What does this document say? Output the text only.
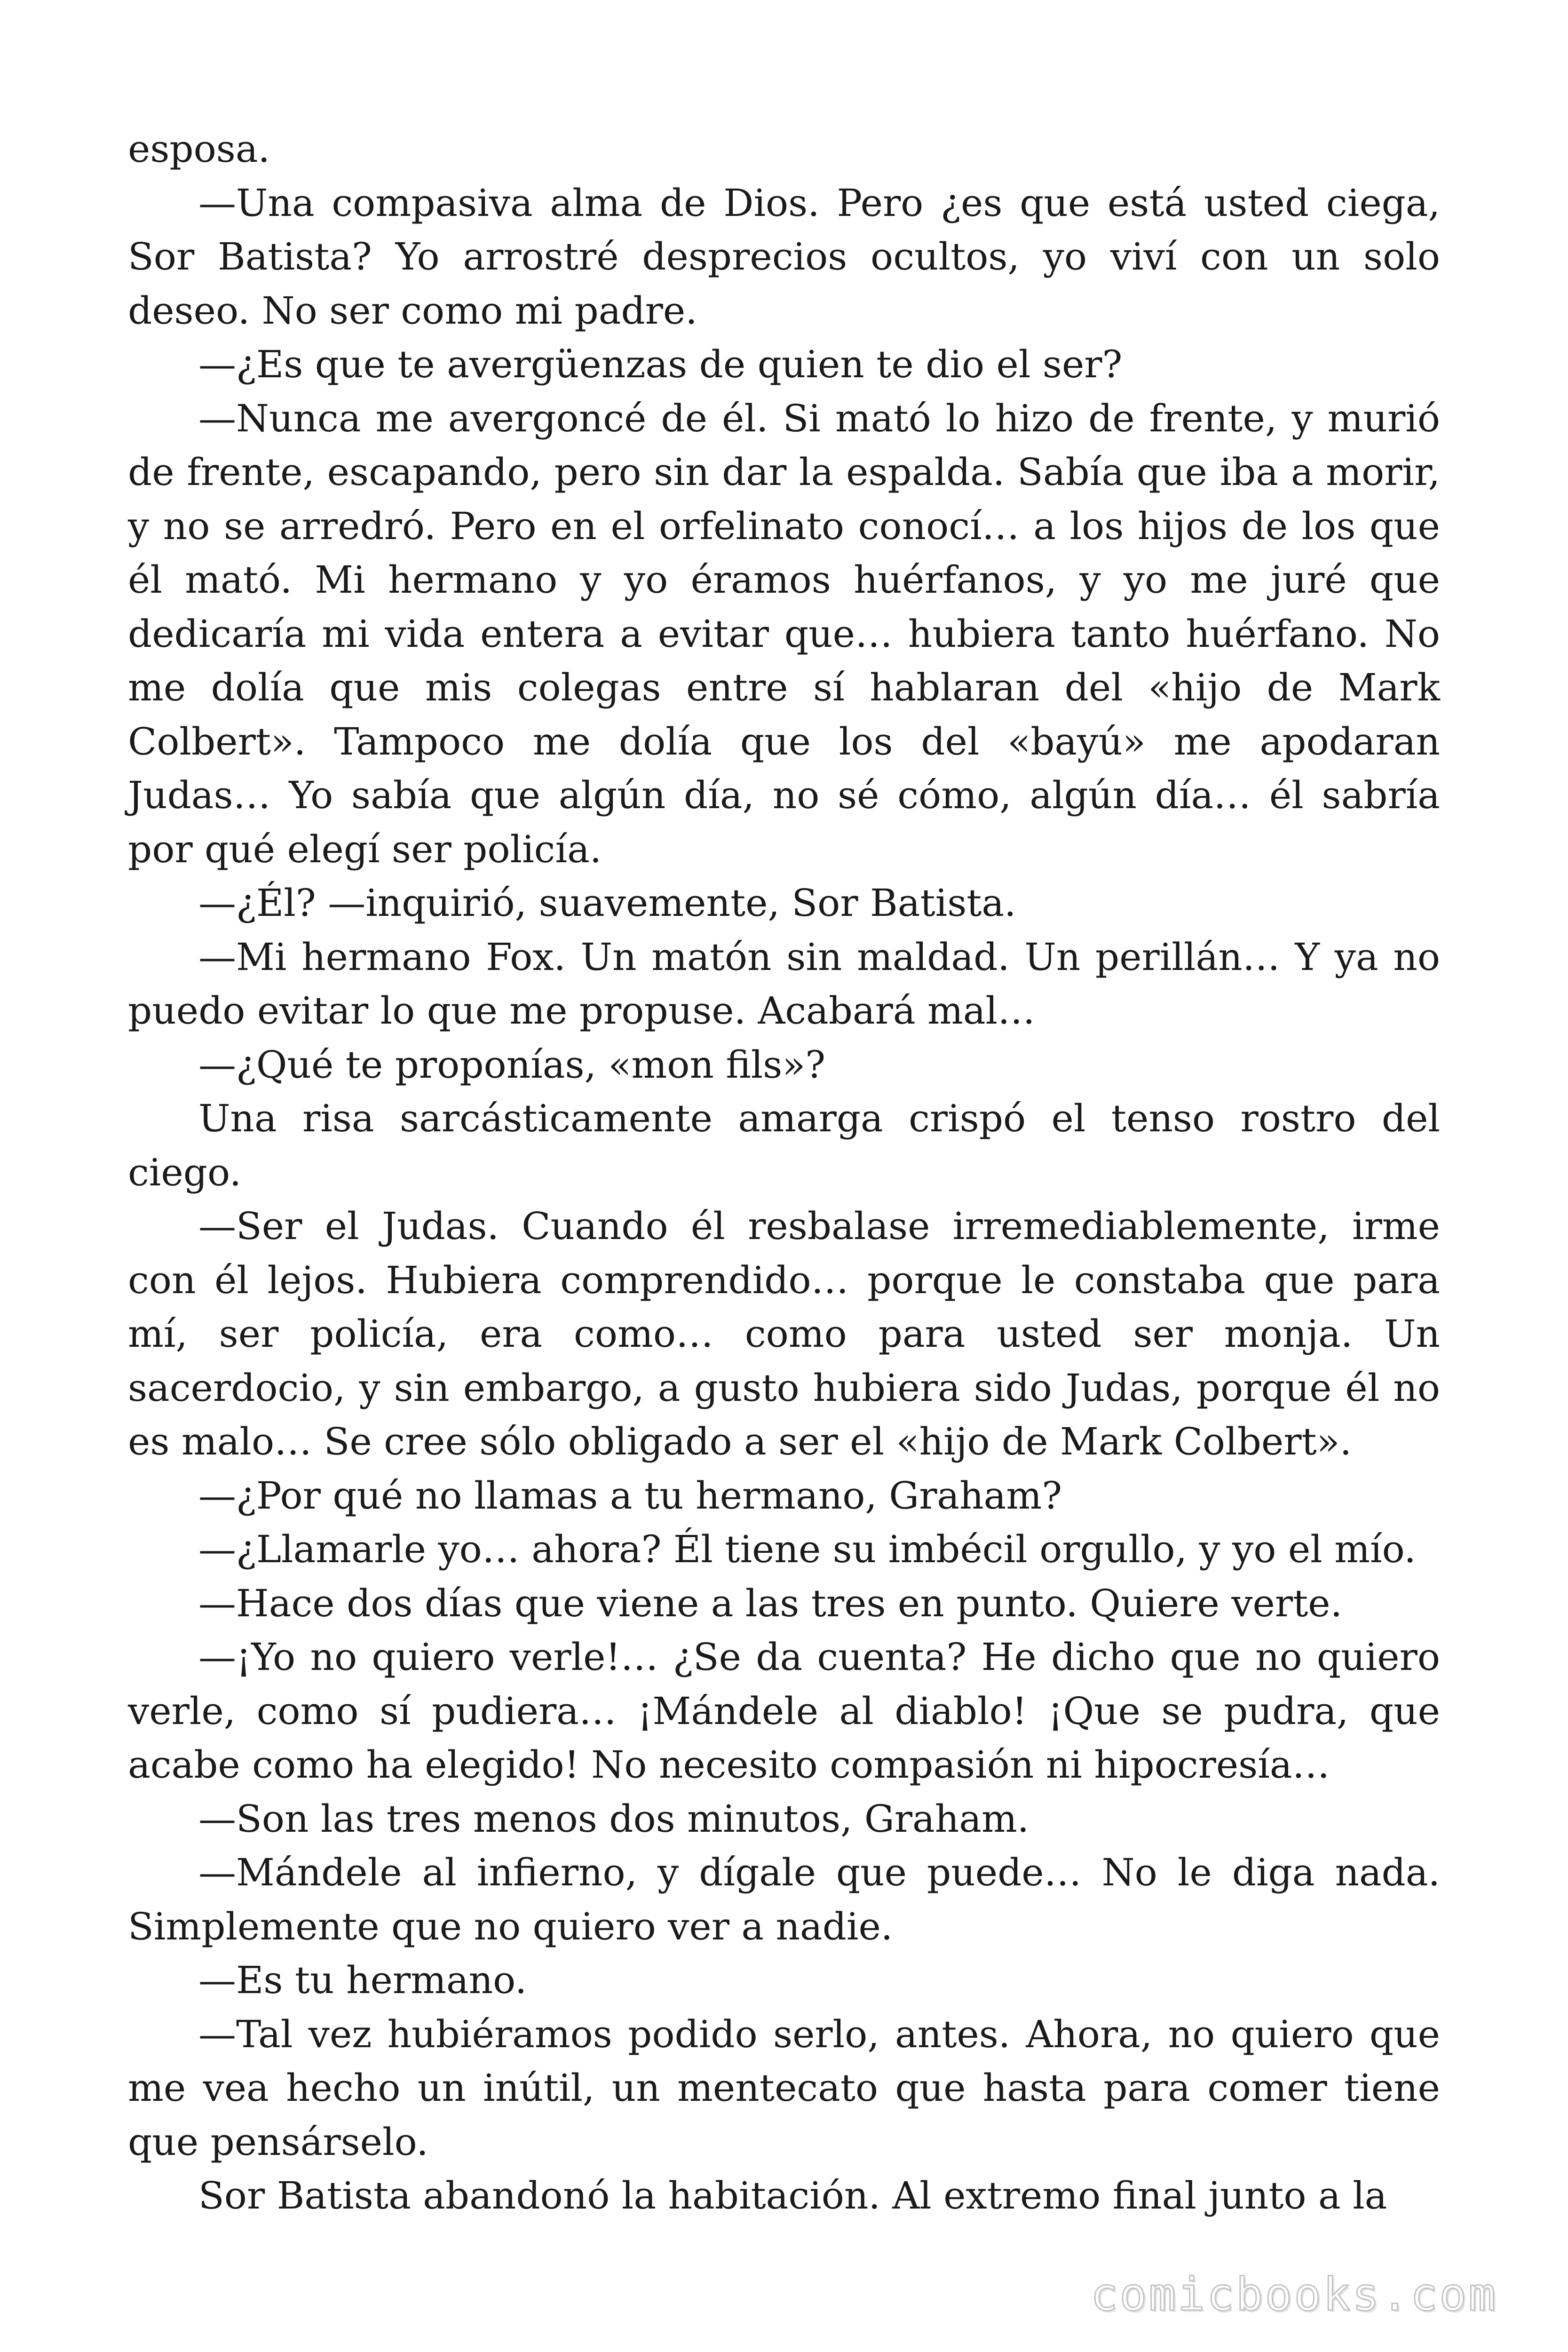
esposa.

—Una compasiva alma de Dios. Pero ¿es que está usted ciega, Sor Batista? Yo arrostré desprecios ocultos, yo viví con un solo deseo. No ser como mi padre.

—¿Es que te avergüenzas de quien te dio el ser?

—Nunca me avergoncé de él. Si mató lo hizo de frente, y murió de frente, escapando, pero sin dar la espalda. Sabía que iba a morir, y no se arredró. Pero en el orfelinato conocí… a los hijos de los que él mató. Mi hermano y yo éramos huérfanos, y yo me juré que dedicaría mi vida entera a evitar que… hubiera tanto huérfano. No me dolía que mis colegas entre sí hablaran del «hijo de Mark Colbert». Tampoco me dolía que los del «bayú» me apodaran Judas… Yo sabía que algún día, no sé cómo, algún día… él sabría por qué elegí ser policía.

—¿Él? —inquirió, suavemente, Sor Batista.

—Mi hermano Fox. Un matón sin maldad. Un perillán… Y ya no puedo evitar lo que me propuse. Acabará mal…

—¿Qué te proponías, «mon fils»?

Una risa sarcásticamente amarga crispó el tenso rostro del ciego.

—Ser el Judas. Cuando él resbalase irremediablemente, irme con él lejos. Hubiera comprendido… porque le constaba que para mí, ser policía, era como… como para usted ser monja. Un sacerdocio, y sin embargo, a gusto hubiera sido Judas, porque él no es malo… Se cree sólo obligado a ser el «hijo de Mark Colbert».

—¿Por qué no llamas a tu hermano, Graham?

—¿Llamarle yo… ahora? Él tiene su imbécil orgullo, y yo el mío.

—Hace dos días que viene a las tres en punto. Quiere verte.

—¡Yo no quiero verle!… ¿Se da cuenta? He dicho que no quiero verle, como sí pudiera… ¡Mándele al diablo! ¡Que se pudra, que acabe como ha elegido! No necesito compasión ni hipocresía…

—Son las tres menos dos minutos, Graham.

—Mándele al infierno, y dígale que puede… No le diga nada. Simplemente que no quiero ver a nadie.

—Es tu hermano.

—Tal vez hubiéramos podido serlo, antes. Ahora, no quiero que me vea hecho un inútil, un mentecato que hasta para comer tiene que pensárselo.

Sor Batista abandonó la habitación. Al extremo final junto a la

comicbooks.com
